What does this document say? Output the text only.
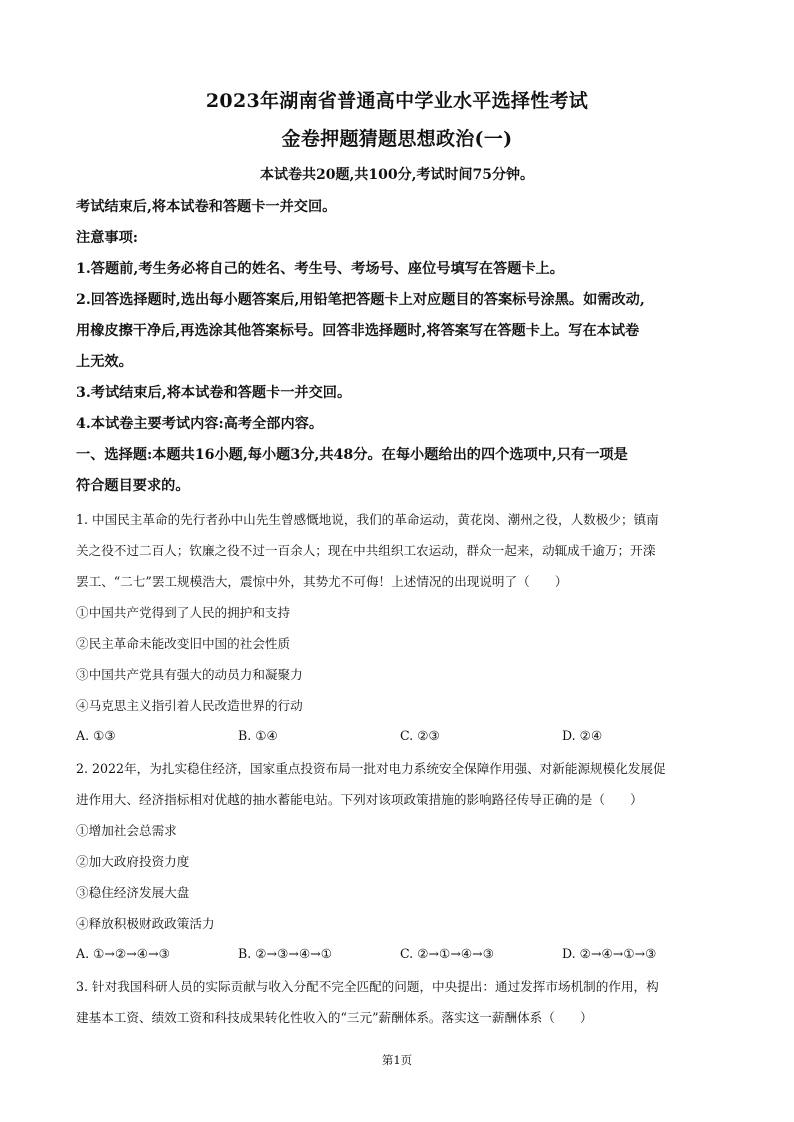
2023年湖南省普通高中学业水平选择性考试
金卷押题猜题思想政治(一)
本试卷共20题,共100分,考试时间75分钟。
考试结束后,将本试卷和答题卡一并交回。
注意事项:
1.答题前,考生务必将自己的姓名、考生号、考场号、座位号填写在答题卡上。
2.回答选择题时,选出每小题答案后,用铅笔把答题卡上对应题目的答案标号涂黑。如需改动,
用橡皮擦干净后,再选涂其他答案标号。回答非选择题时,将答案写在答题卡上。写在本试卷
上无效。
3.考试结束后,将本试卷和答题卡一并交回。
4.本试卷主要考试内容:高考全部内容。
一、选择题:本题共16小题,每小题3分,共48分。在每小题给出的四个选项中,只有一项是
符合题目要求的。
1. 中国民主革命的先行者孙中山先生曾感慨地说，我们的革命运动，黄花岗、潮州之役，人数极少；镇南
关之役不过二百人；钦廉之役不过一百余人；现在中共组织工农运动，群众一起来，动辄成千逾万；开滦
罢工、“二七”罢工规模浩大，震惊中外，其势尤不可侮！上述情况的出现说明了（　　）
①中国共产党得到了人民的拥护和支持
②民主革命未能改变旧中国的社会性质
③中国共产党具有强大的动员力和凝聚力
④马克思主义指引着人民改造世界的行动
A. ①③	B. ①④	C. ②③	D. ②④
2. 2022年，为扎实稳住经济，国家重点投资布局一批对电力系统安全保障作用强、对新能源规模化发展促
进作用大、经济指标相对优越的抽水蓄能电站。下列对该项政策措施的影响路径传导正确的是（　　）
①增加社会总需求
②加大政府投资力度
③稳住经济发展大盘
④释放积极财政政策活力
A. ①→②→④→③	B. ②→③→④→①	C. ②→①→④→③	D. ②→④→①→③
3. 针对我国科研人员的实际贡献与收入分配不完全匹配的问题，中央提出：通过发挥市场机制的作用，构
建基本工资、绩效工资和科技成果转化性收入的“三元”薪酬体系。落实这一薪酬体系（　　）
第1页
